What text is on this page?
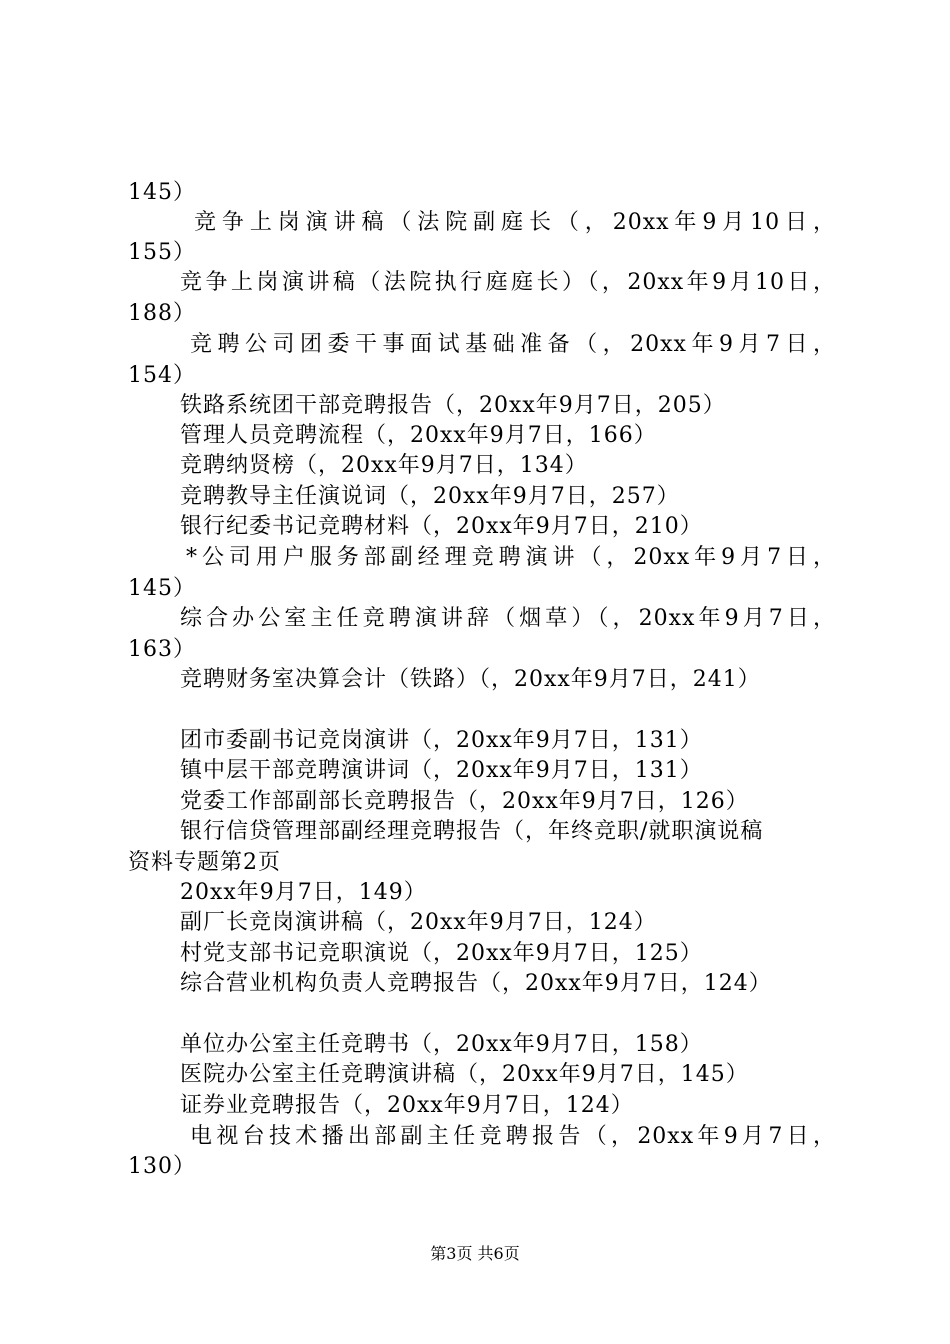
145）
竞争上岗演讲稿（法院副庭长（，20xx年9月10日，
155）
竞争上岗演讲稿（法院执行庭庭长）（，20xx年9月10日，
188）
竞聘公司团委干事面试基础准备（，20xx年9月7日，
154）
铁路系统团干部竞聘报告（，20xx年9月7日，205）
管理人员竞聘流程（，20xx年9月7日，166）
竞聘纳贤榜（，20xx年9月7日，134）
竞聘教导主任演说词（，20xx年9月7日，257）
银行纪委书记竞聘材料（，20xx年9月7日，210）
*公司用户服务部副经理竞聘演讲（，20xx年9月7日，
145）
综合办公室主任竞聘演讲辞（烟草）（，20xx年9月7日，
163）
竞聘财务室决算会计（铁路）（，20xx年9月7日，241）
团市委副书记竞岗演讲（，20xx年9月7日，131）
镇中层干部竞聘演讲词（，20xx年9月7日，131）
党委工作部副部长竞聘报告（，20xx年9月7日，126）
银行信贷管理部副经理竞聘报告（，年终竞职/就职演说稿
资料专题第2页
20xx年9月7日，149）
副厂长竞岗演讲稿（，20xx年9月7日，124）
村党支部书记竞职演说（，20xx年9月7日，125）
综合营业机构负责人竞聘报告（，20xx年9月7日，124）
单位办公室主任竞聘书（，20xx年9月7日，158）
医院办公室主任竞聘演讲稿（，20xx年9月7日，145）
证券业竞聘报告（，20xx年9月7日，124）
电视台技术播出部副主任竞聘报告（，20xx年9月7日，
130）
第3页 共6页
